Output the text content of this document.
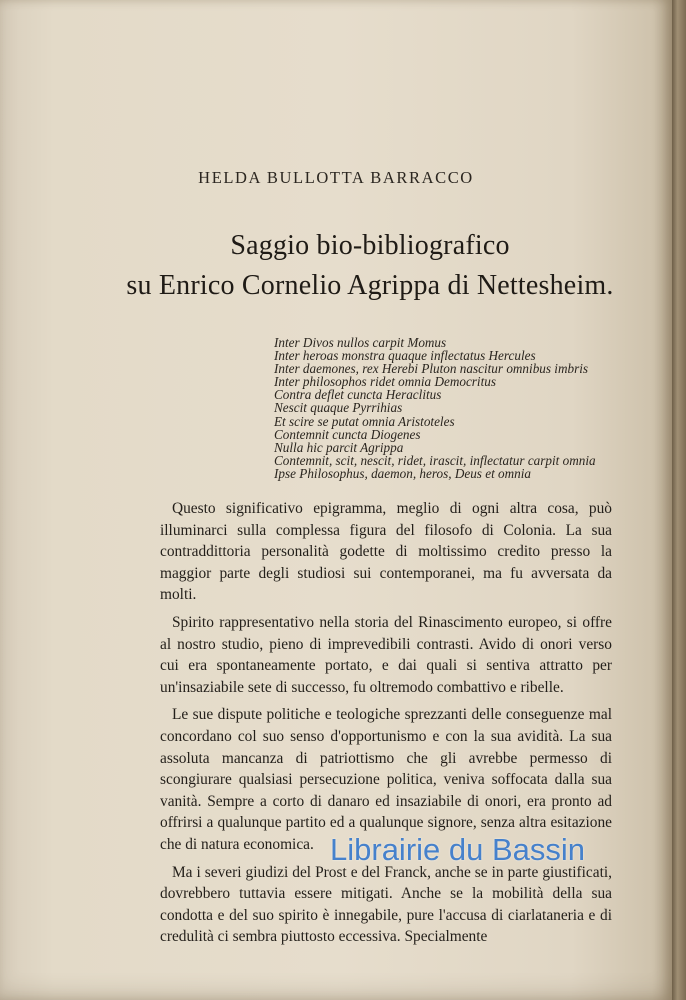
HELDA BULLOTTA BARRACCO
Saggio bio-bibliografico
su Enrico Cornelio Agrippa di Nettesheim.
Inter Divos nullos carpit Momus
Inter heroas monstra quaque inflectatus Hercules
Inter daemones, rex Herebi Pluton nascitur omnibus imbris
Inter philosophos ridet omnia Democritus
Contra deflet cuncta Heraclitus
Nescit quaque Pyrrihias
Et scire se putat omnia Aristoteles
Contemnit cuncta Diogenes
Nulla hic parcit Agrippa
Contemnit, scit, nescit, ridet, irascit, inflectatur carpit omnia
Ipse Philosophus, daemon, heros, Deus et omnia

Questo significativo epigramma, meglio di ogni altra cosa, può illuminarci sulla complessa figura del filosofo di Colonia. La sua contraddittoria personalità godette di moltissimo credito presso la maggior parte degli studiosi sui contemporanei, ma fu avversata da molti.

Spirito rappresentativo nella storia del Rinascimento europeo, si offre al nostro studio, pieno di imprevedibili contrasti. Avido di onori verso cui era spontaneamente portato, e dai quali si sentiva attratto per un'insaziabile sete di successo, fu oltremodo combattivo e ribelle.

Le sue dispute politiche e teologiche sprezzanti delle conseguenze mal concordano col suo senso d'opportunismo e con la sua avidità. La sua assoluta mancanza di patriottismo che gli avrebbe permesso di scongiurare qualsiasi persecuzione politica, veniva soffocata dalla sua vanità. Sempre a corto di danaro ed insaziabile di onori, era pronto ad offrirsi a qualunque partito ed a qualunque signore, senza altra esitazione che di natura economica.

Ma i severi giudizi del Prost e del Franck, anche se in parte giustificati, dovrebbero tuttavia essere mitigati. Anche se la mobilità della sua condotta e del suo spirito è innegabile, pure l'accusa di ciarlataneria e di credulità ci sembra piuttosto eccessiva. Specialmente

Librairie du Bassin
